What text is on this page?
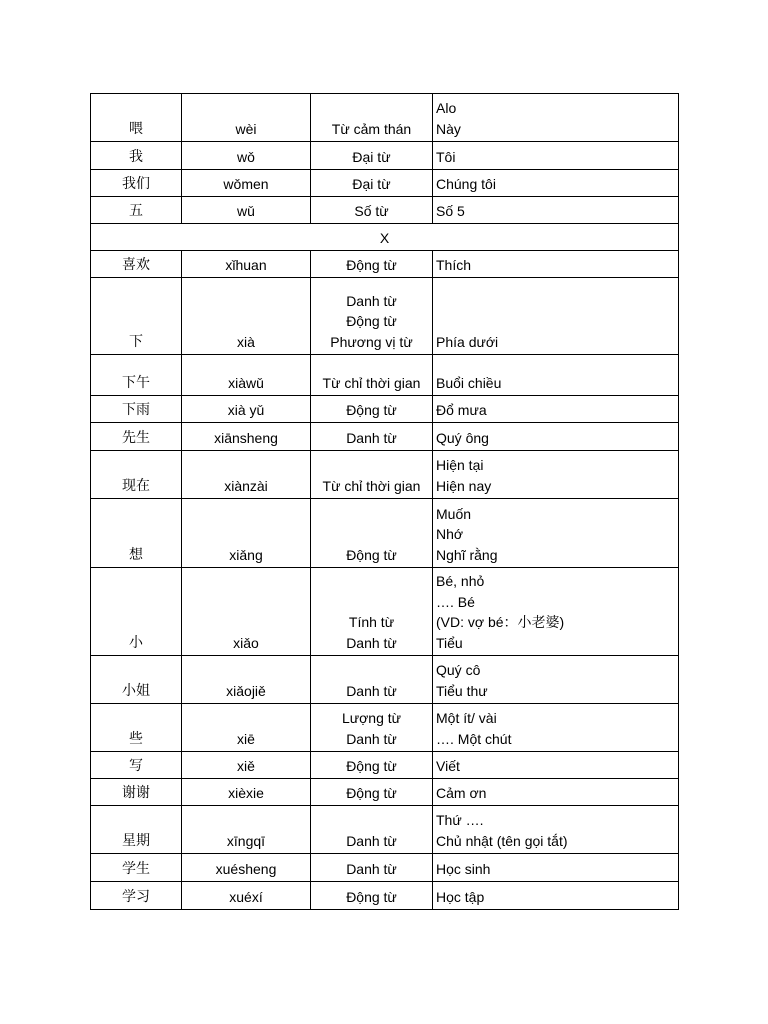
喂	wèi	Từ cảm thán	Alo
Này

我	wǒ	Đại từ	Tôi

我们	wǒmen	Đại từ	Chúng tôi

五	wǔ	Số từ	Số 5

X			
喜欢	xǐhuan	Động từ	Thích

下	xià	Danh từ
Động từ
Phương vị từ	Phía dưới

下午	xiàwǔ	Từ chỉ thời gian	Buổi chiều

下雨	xià yǔ	Động từ	Đổ mưa

先生	xiānsheng	Danh từ	Quý ông

现在	xiànzài	Từ chỉ thời gian	Hiện tại
Hiện nay

想	xiǎng	Động từ	Muốn
Nhớ
Nghĩ rằng

小	xiǎo	Tính từ
Danh từ	Bé, nhỏ
…. Bé
(VD: vợ bé：小老婆)
Tiểu

小姐	xiǎojiě	Danh từ	Quý cô
Tiểu thư

些	xiē	Lượng từ
Danh từ	Một ít/ vài
…. Một chút

写	xiě	Động từ	Viết

谢谢	xièxie	Động từ	Cảm ơn

星期	xīngqī	Danh từ	Thứ ….
Chủ nhật (tên gọi tắt)

学生	xuésheng	Danh từ	Học sinh

学习	xuéxí	Động từ	Học tập
